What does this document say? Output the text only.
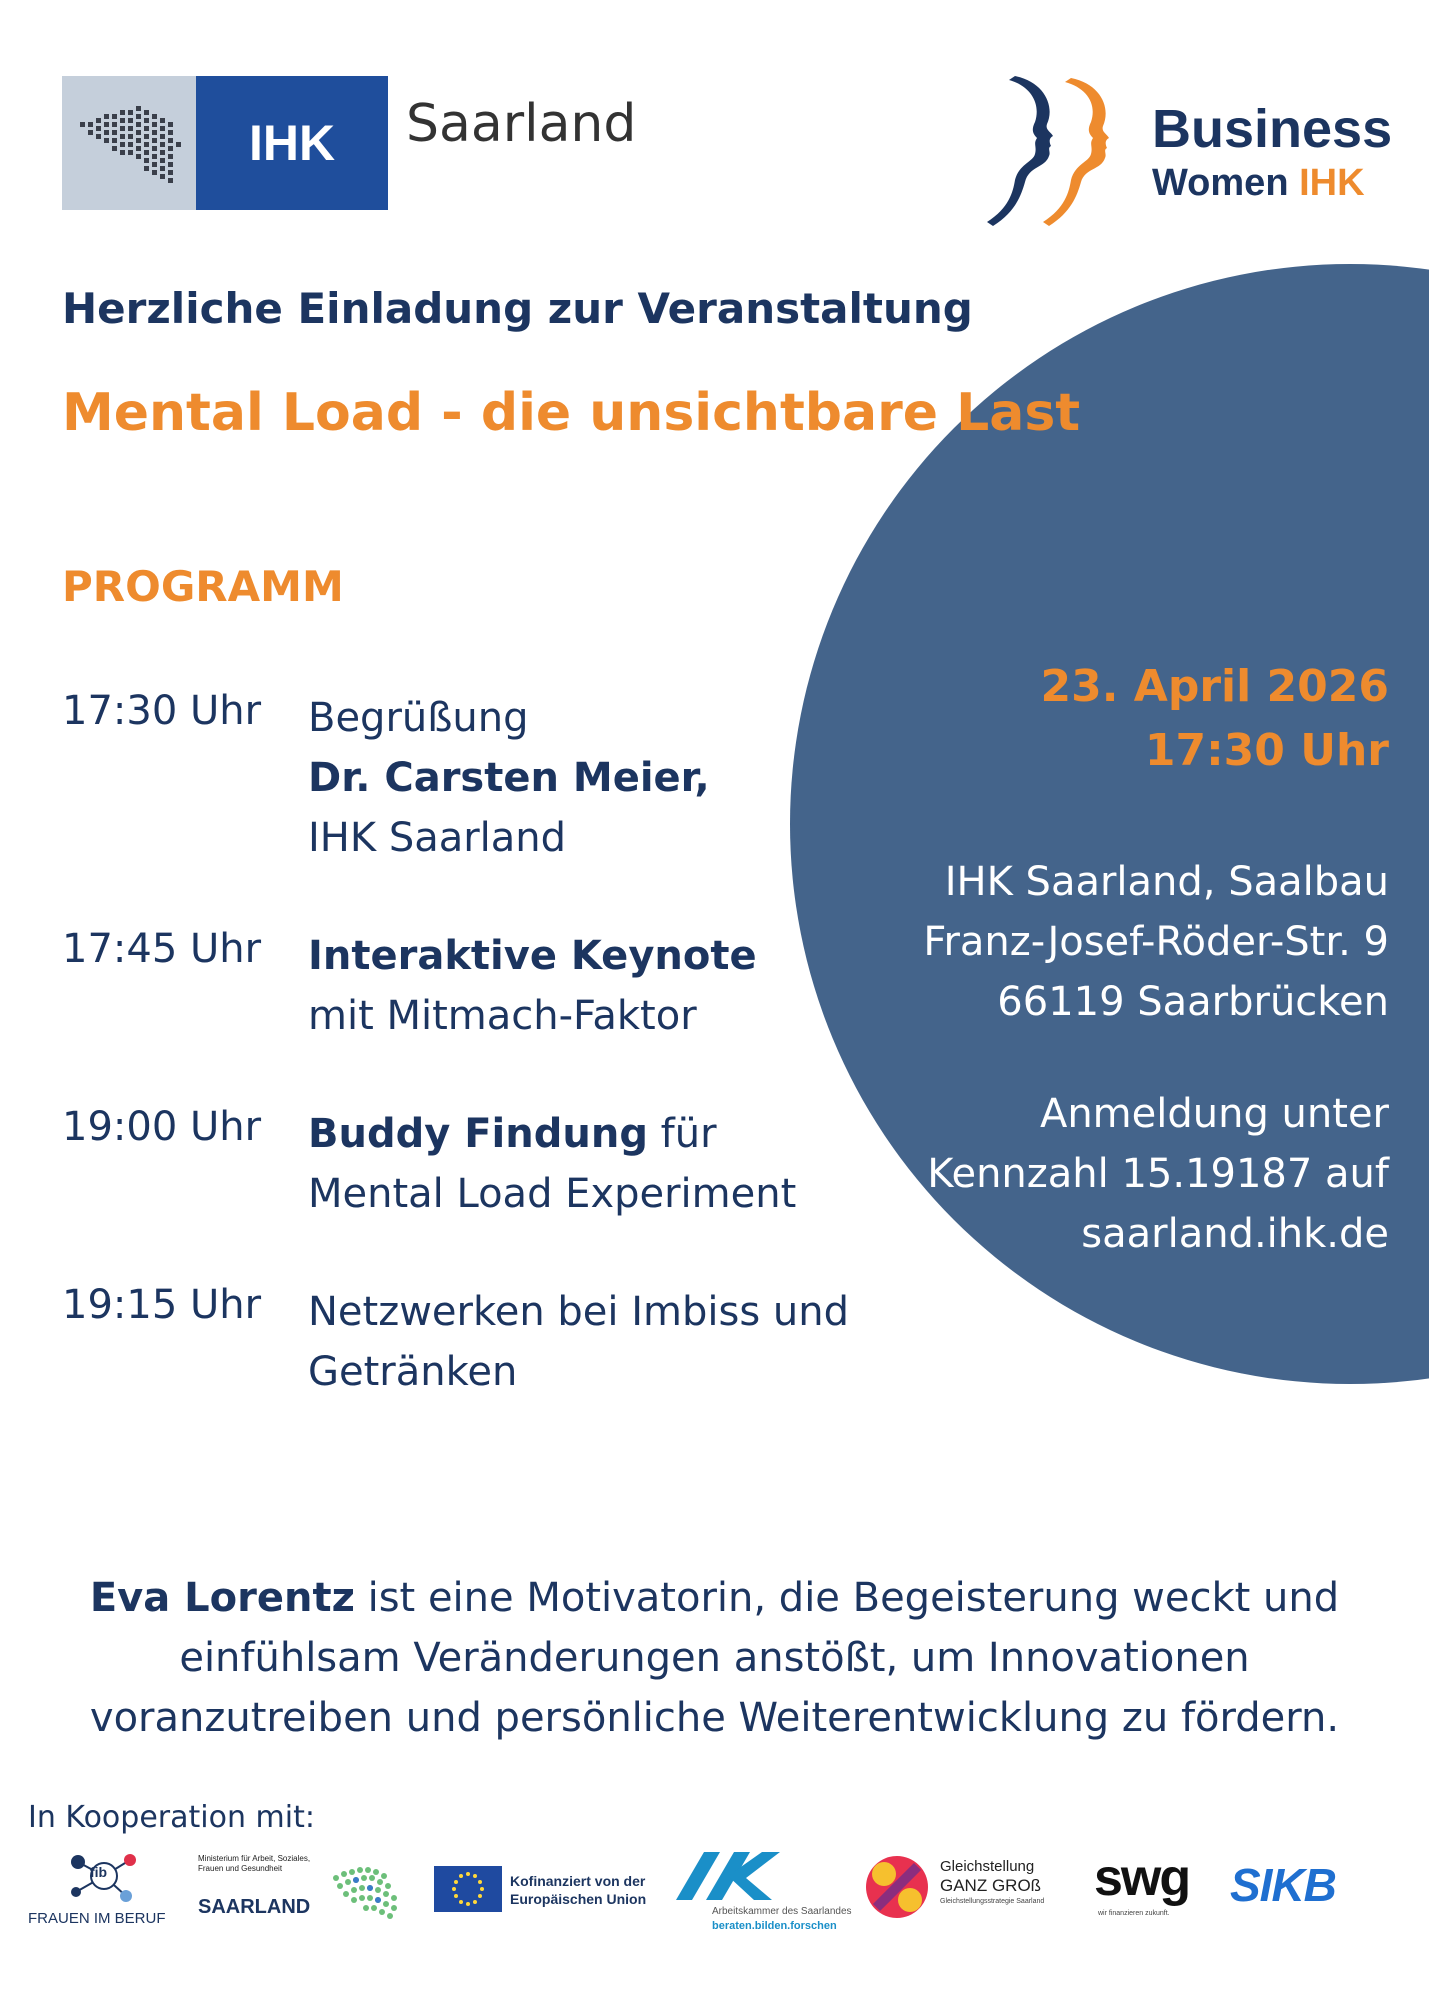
IHK	Saarland	Business
Women IHK
Herzliche Einladung zur Veranstaltung
Mental Load - die unsichtbare Last
PROGRAMM
17:30 Uhr Begrüßung
Dr. Carsten Meier,
IHK Saarland
17:45 Uhr Interaktive Keynote
mit Mitmach-Faktor
19:00 Uhr Buddy Findung für
Mental Load Experiment
19:15 Uhr Netzwerken bei Imbiss und
Getränken
23. April 2026
17:30 Uhr
IHK Saarland, Saalbau
Franz-Josef-Röder-Str. 9
66119 Saarbrücken
Anmeldung unter
Kennzahl 15.19187 auf
saarland.ihk.de
Eva Lorentz ist eine Motivatorin, die Begeisterung weckt und
einfühlsam Veränderungen anstößt, um Innovationen
voranzutreiben und persönliche Weiterentwicklung zu fördern.
In Kooperation mit:
fib
FRAUEN IM BERUF
Ministerium für Arbeit, Soziales, Frauen und Gesundheit
SAARLAND
Kofinanziert von der
Europäischen Union
Arbeitskammer des Saarlandes
beraten.bilden.forschen
Gleichstellung
GANZ GROß
Gleichstellungsstrategie Saarland swg
wir finanzieren zukunft.
SIKB
